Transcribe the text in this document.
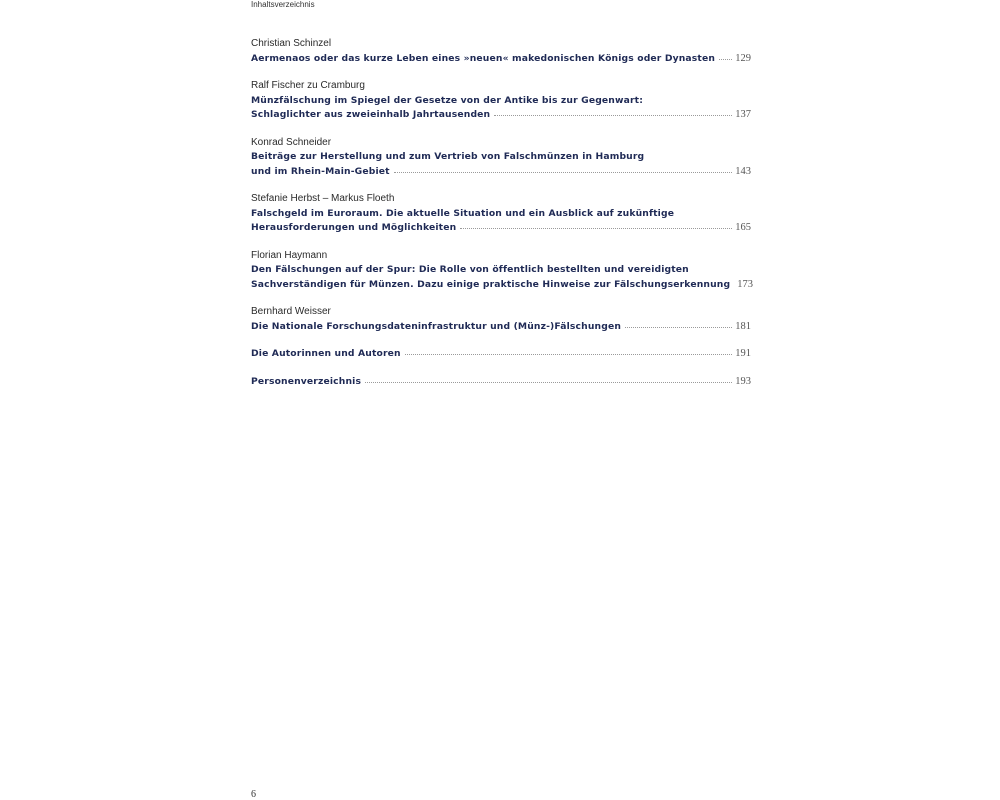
Inhaltsverzeichnis
Christian Schinzel
Aermenaos oder das kurze Leben eines »neuen« makedonischen Königs oder Dynasten 129
Ralf Fischer zu Cramburg
Münzfälschung im Spiegel der Gesetze von der Antike bis zur Gegenwart:
Schlaglichter aus zweieinhalb Jahrtausenden	137
Konrad Schneider
Beiträge zur Herstellung und zum Vertrieb von Falschmünzen in Hamburg
und im Rhein-Main-Gebiet	143
Stefanie Herbst – Markus Floeth
Falschgeld im Euroraum. Die aktuelle Situation und ein Ausblick auf zukünftige
Herausforderungen und Möglichkeiten	165
Florian Haymann
Den Fälschungen auf der Spur: Die Rolle von öffentlich bestellten und vereidigten
Sachverständigen für Münzen. Dazu einige praktische Hinweise zur Fälschungserkennung 173
Bernhard Weisser
Die Nationale Forschungsdateninfrastruktur und (Münz-)Fälschungen	181
Die Autorinnen und Autoren	191
Personenverzeichnis	193
6
